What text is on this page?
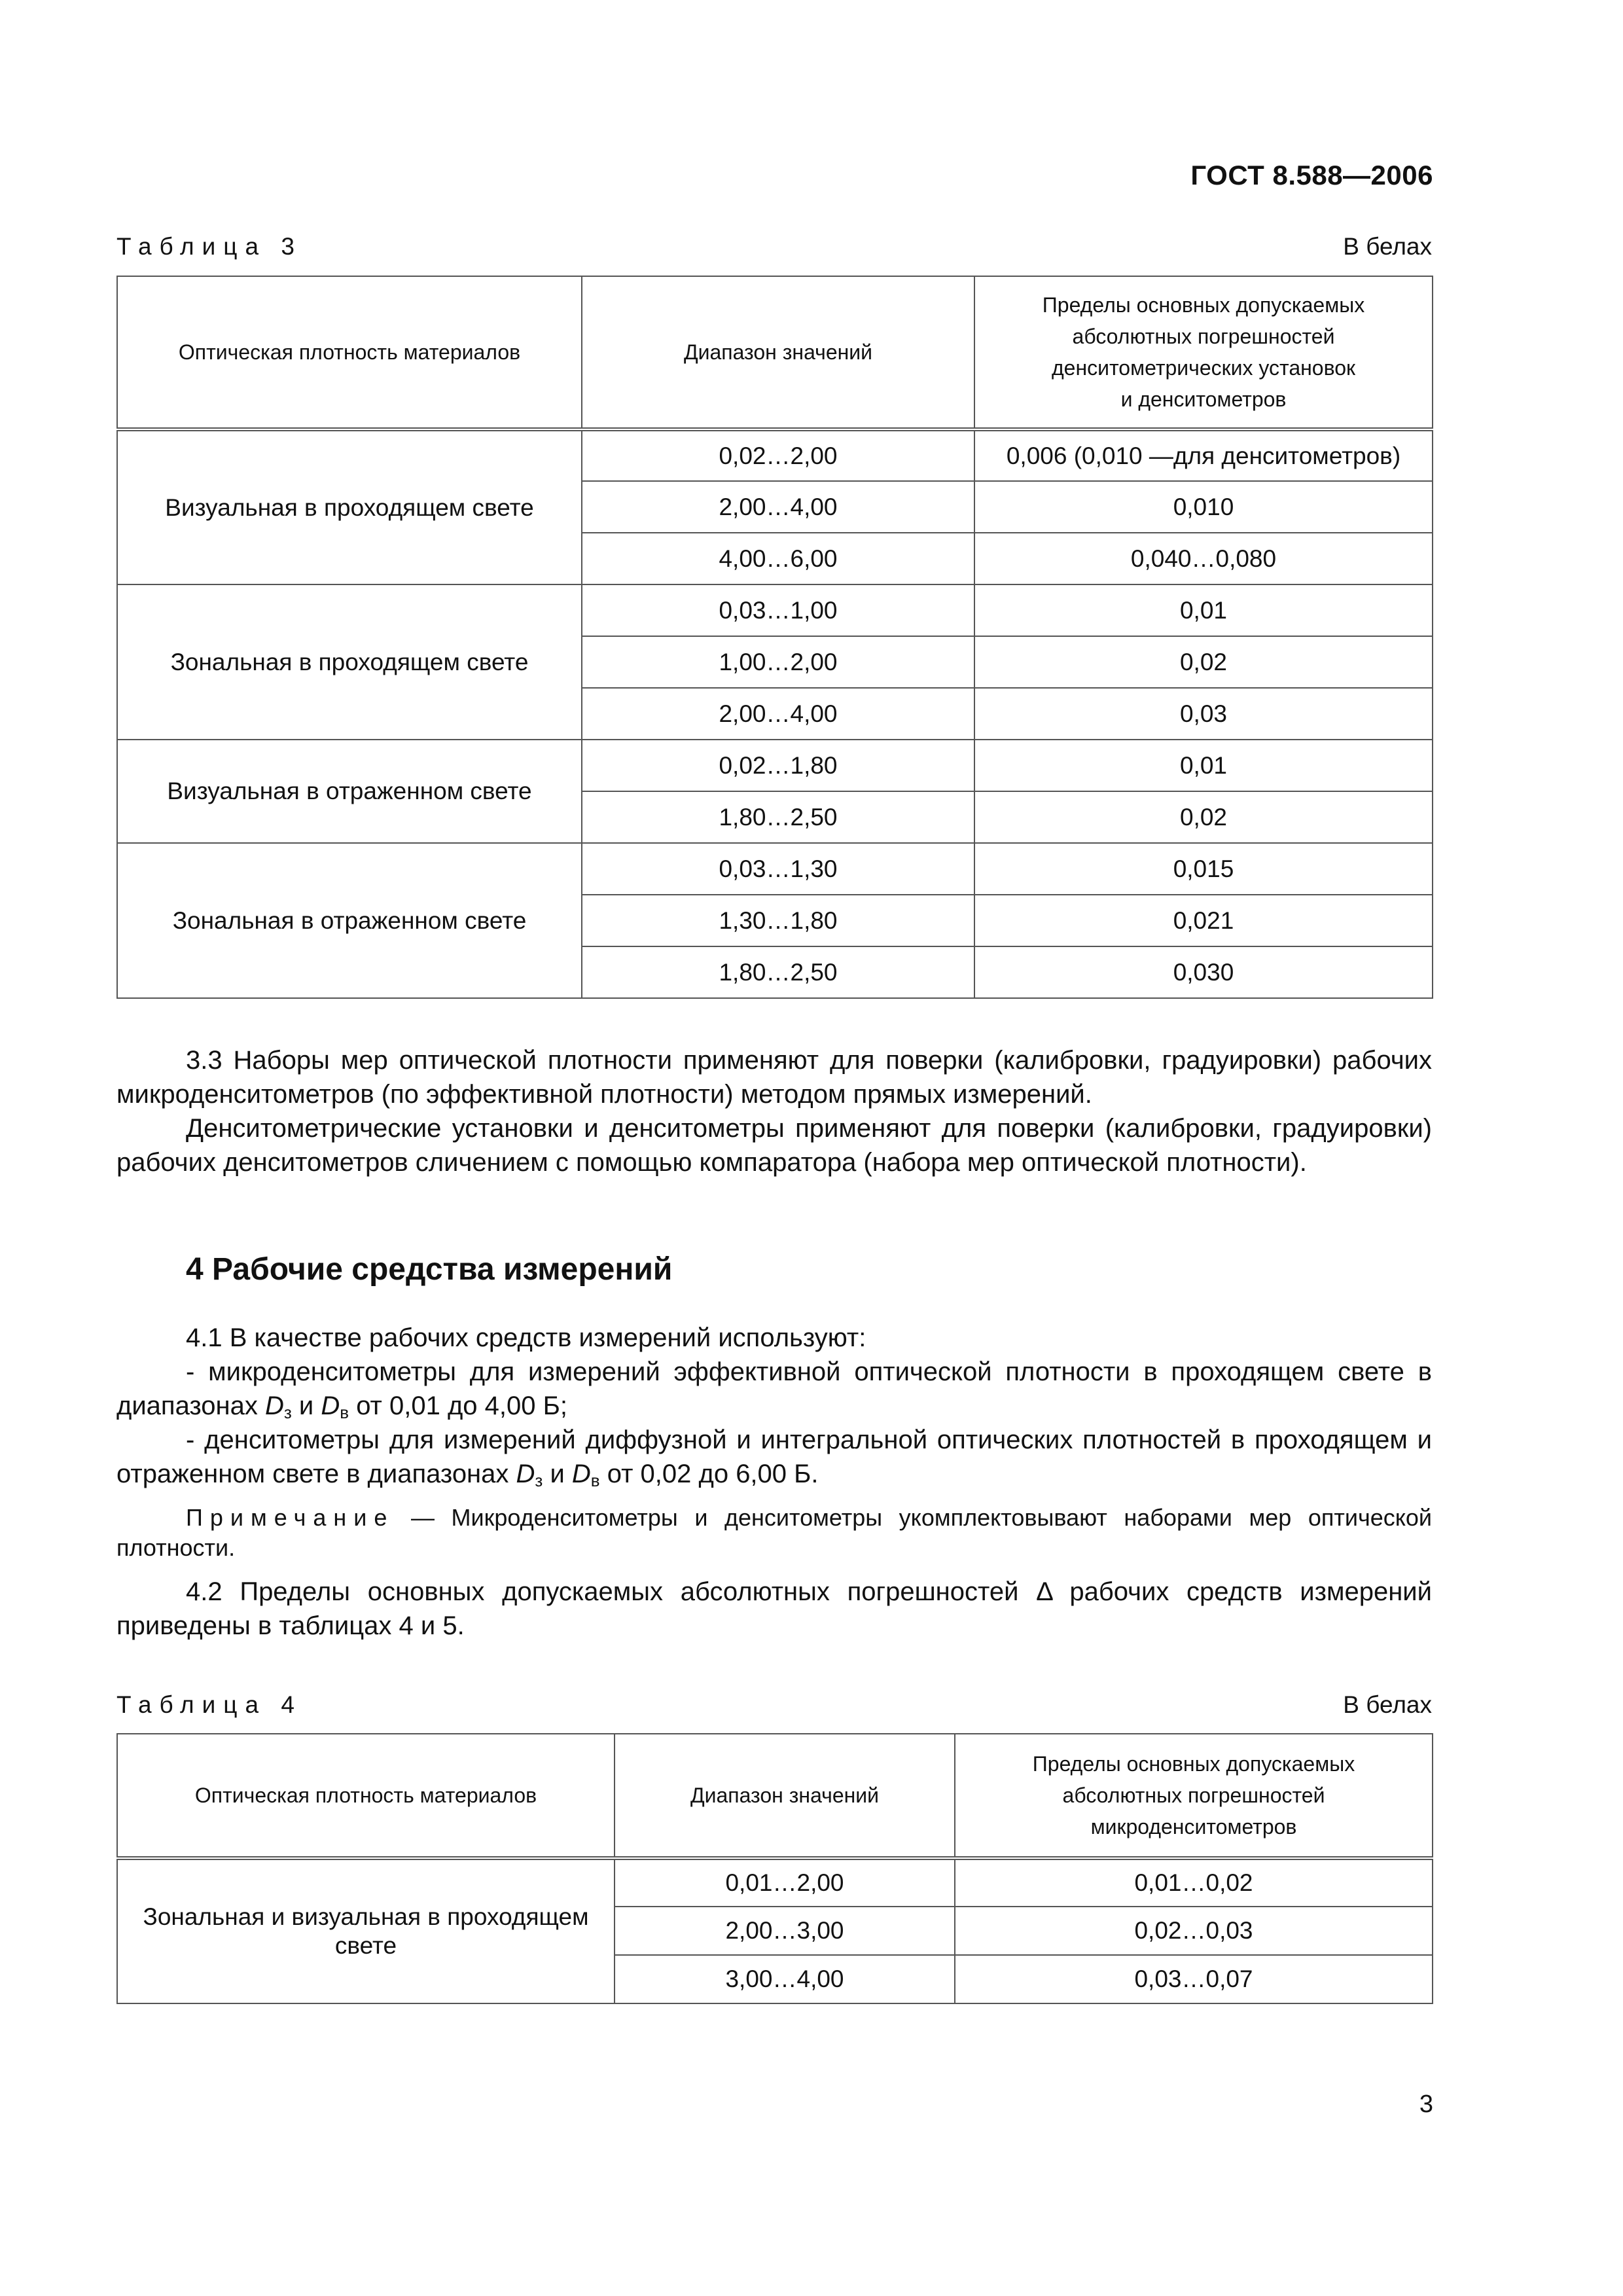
ГОСТ 8.588—2006
Таблица 3	В белах
Оптическая плотность материалов	Диапазон значений	Пределы основных допускаемых
абсолютных погрешностей
денситометрических установок
и денситометров

Визуальная в проходящем свете	0,02…2,00	0,006 (0,010 —для денситометров)
	2,00…4,00	0,010
	4,00…6,00	0,040…0,080
Зональная в проходящем свете	0,03…1,00	0,01
	1,00…2,00	0,02
	2,00…4,00	0,03
Визуальная в отраженном свете	0,02…1,80	0,01
	1,80…2,50	0,02
Зональная в отраженном свете	0,03…1,30	0,015
	1,30…1,80	0,021
	1,80…2,50	0,030

3.3 Наборы мер оптической плотности применяют для поверки (калибровки, градуировки) рабочих микроденситометров (по эффективной плотности) методом прямых измерений.

Денситометрические установки и денситометры применяют для поверки (калибровки, градуировки) рабочих денситометров сличением с помощью компаратора (набора мер оптической плотности).

4 Рабочие средства измерений

4.1 В качестве рабочих средств измерений используют:

- микроденситометры для измерений эффективной оптической плотности в проходящем свете в диапазонах $D_з$ и $D_в$ от 0,01 до 4,00 Б;

- денситометры для измерений диффузной и интегральной оптических плотностей в проходящем и отраженном свете в диапазонах $D_з$ и $D_в$ от 0,02 до 6,00 Б.

Примечание — Микроденситометры и денситометры укомплектовывают наборами мер оптической плотности.

4.2 Пределы основных допускаемых абсолютных погрешностей Δ рабочих средств измерений приведены в таблицах 4 и 5.

Таблица 4	В белах
Оптическая плотность материалов	Диапазон значений	Пределы основных допускаемых
абсолютных погрешностей
микроденситометров

Зональная и визуальная в проходящем свете	0,01…2,00	0,01…0,02
	2,00…3,00	0,02…0,03
	3,00…4,00	0,03…0,07
3
